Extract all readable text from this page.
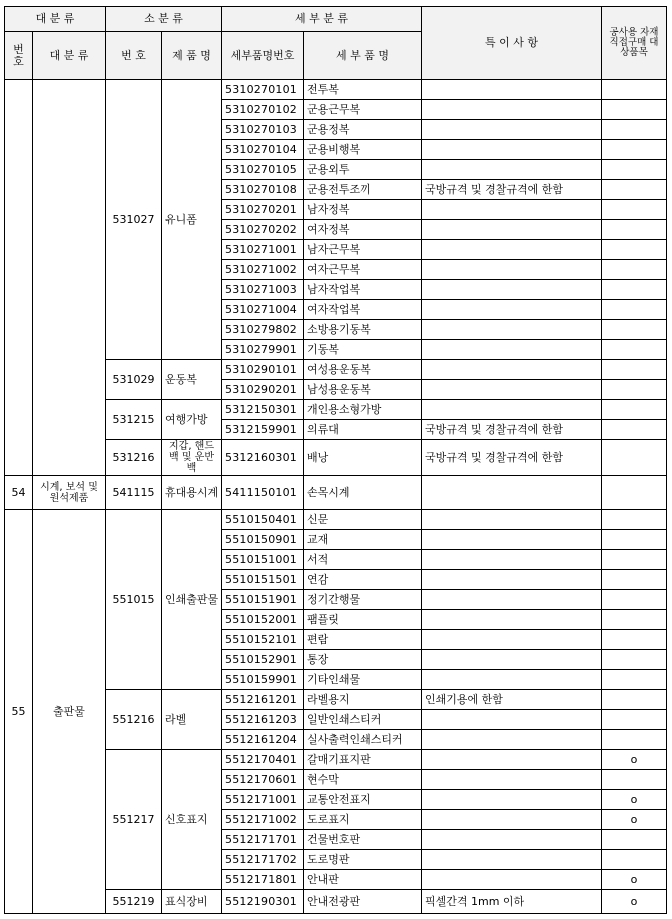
대 분 류		소 분 류		세 부 분 류		특 이 사 항	공사용 자재 직접구매 대상품목
번호	대 분 류	번 호	제 품 명	세부품명번호	세 부 품 명		
		531027	유니폼	5310270101	전투복		
				5310270102	군용근무복		
				5310270103	군용정복		
				5310270104	군용비행복		
				5310270105	군용외투		
				5310270108	군용전투조끼	국방규격 및 경찰규격에 한함	
				5310270201	남자정복		
				5310270202	여자정복		
				5310271001	남자근무복		
				5310271002	여자근무복		
				5310271003	남자작업복		
				5310271004	여자작업복		
				5310279802	소방용기동복		
				5310279901	기동복		
		531029	운동복	5310290101	여성용운동복		
				5310290201	남성용운동복		
		531215	여행가방	5312150301	개인용소형가방		
				5312159901	의류대	국방규격 및 경찰규격에 한함	
		531216	지갑, 핸드백 및 운반백	5312160301	배낭	국방규격 및 경찰규격에 한함	
54	시계, 보석 및 원석제품	541115	휴대용시계	5411150101	손목시계		
55	출판물	551015	인쇄출판물	5510150401	신문		
				5510150901	교재		
				5510151001	서적		
				5510151501	연감		
				5510151901	정기간행물		
				5510152001	팸플릿		
				5510152101	편람		
				5510152901	통장		
				5510159901	기타인쇄물		
		551216	라벨	5512161201	라벨용지	인쇄기용에 한함	
				5512161203	일반인쇄스티커		
				5512161204	실사출력인쇄스티커		
		551217	신호표지	5512170401	갈매기표지판		o
				5512170601	현수막		
				5512171001	교통안전표지		o
				5512171002	도로표지		o
				5512171701	건물번호판		
				5512171702	도로명판		
				5512171801	안내판		o
		551219	표식장비	5512190301	안내전광판	픽셀간격 1mm 이하	o
